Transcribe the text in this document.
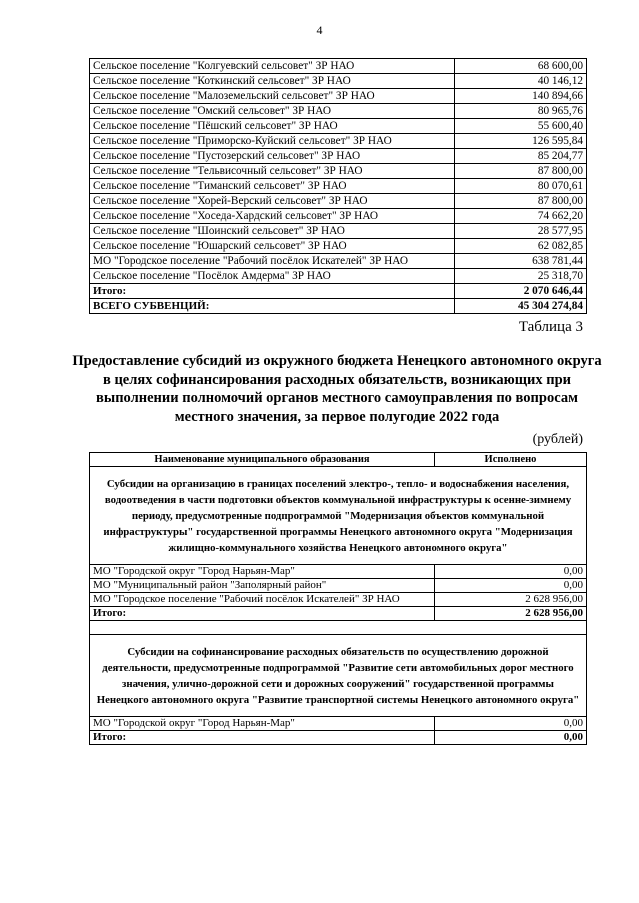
4
Сельское поселение "Колгуевский сельсовет" ЗР НАО	68 600,00
Сельское поселение "Коткинский сельсовет" ЗР НАО	40 146,12
Сельское поселение "Малоземельский сельсовет" ЗР НАО	140 894,66
Сельское поселение "Омский сельсовет" ЗР НАО	80 965,76
Сельское поселение "Пёшский сельсовет" ЗР НАО	55 600,40
Сельское поселение "Приморско-Куйский сельсовет" ЗР НАО	126 595,84
Сельское поселение "Пустозерский сельсовет" ЗР НАО	85 204,77
Сельское поселение "Тельвисочный сельсовет" ЗР НАО	87 800,00
Сельское поселение "Тиманский сельсовет" ЗР НАО	80 070,61
Сельское поселение "Хорей-Верский сельсовет" ЗР НАО	87 800,00
Сельское поселение "Хоседа-Хардский сельсовет" ЗР НАО	74 662,20
Сельское поселение "Шоинский сельсовет" ЗР НАО	28 577,95
Сельское поселение "Юшарский сельсовет" ЗР НАО	62 082,85
МО "Городское поселение "Рабочий посёлок Искателей" ЗР НАО	638 781,44
Сельское поселение "Посёлок Амдерма" ЗР НАО	25 318,70
Итого:	2 070 646,44
ВСЕГО СУБВЕНЦИЙ:	45 304 274,84
Таблица 3
Предоставление субсидий из окружного бюджета Ненецкого автономного округа в целях софинансирования расходных обязательств, возникающих при выполнении полномочий органов местного самоуправления по вопросам местного значения, за первое полугодие 2022 года
(рублей)
Наименование муниципального образования	Исполнено
Субсидии на организацию в границах поселений электро-, тепло- и водоснабжения населения, водоотведения в части подготовки объектов коммунальной инфраструктуры к осенне-зимнему периоду, предусмотренные подпрограммой "Модернизация объектов коммунальной инфраструктуры" государственной программы Ненецкого автономного округа "Модернизация жилищно-коммунального хозяйства Ненецкого автономного округа"	
МО "Городской округ "Город Нарьян-Мар"	0,00
МО "Муниципальный район "Заполярный район"	0,00
МО "Городское поселение "Рабочий посёлок Искателей" ЗР НАО	2 628 956,00
Итого:	2 628 956,00

Субсидии на софинансирование расходных обязательств по осуществлению дорожной деятельности, предусмотренные подпрограммой "Развитие сети автомобильных дорог местного значения, улично-дорожной сети и дорожных сооружений" государственной программы Ненецкого автономного округа "Развитие транспортной системы Ненецкого автономного округа"	
МО "Городской округ "Город Нарьян-Мар"	0,00
Итого:	0,00
